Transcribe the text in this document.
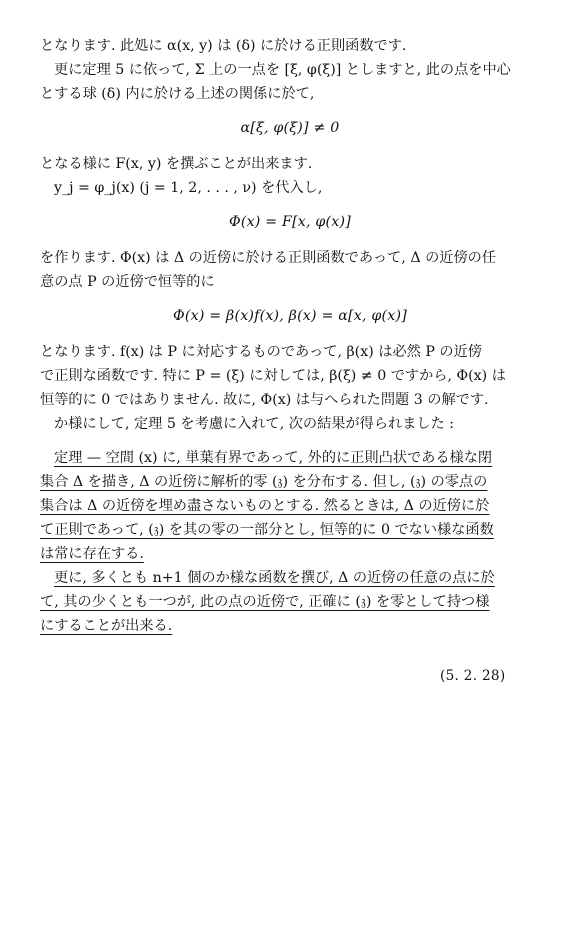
となります. 此処に α(x, y) は (δ) に於ける正則函数です.
更に定理 5 に依って, Σ 上の一点を [ξ, φ(ξ)] としますと, 此の点を中心
とする球 (δ) 内に於ける上述の関係に於て,
α[ξ, φ(ξ)] ≠ 0
となる様に F(x, y) を撰ぶことが出来ます.
y_j = φ_j(x) (j = 1, 2, . . . , ν) を代入し,
Φ(x) = F[x, φ(x)]
を作ります. Φ(x) は Δ の近傍に於ける正則函数であって, Δ の近傍の任
意の点 P の近傍で恒等的に
Φ(x) = β(x)f(x), β(x) = α[x, φ(x)]
となります. f(x) は P に対応するものであって, β(x) は必然 P の近傍
で正則な函数です. 特に P = (ξ) に対しては, β(ξ) ≠ 0 ですから, Φ(x) は
恒等的に 0 ではありません. 故に, Φ(x) は与へられた問題 3 の解です.
か様にして, 定理 5 を考慮に入れて, 次の結果が得られました :
定理 — 空間 (x) に, 単葉有界であって, 外的に正則凸状である様な閉
集合 Δ を描き, Δ の近傍に解析的零 (𝔷) を分布する. 但し, (𝔷) の零点の
集合は Δ の近傍を埋め盡さないものとする. 然るときは, Δ の近傍に於
て正則であって, (𝔷) を其の零の一部分とし, 恒等的に 0 でない様な函数
は常に存在する.
更に, 多くとも n+1 個のか様な函数を撰び, Δ の近傍の任意の点に於
て, 其の少くとも一つが, 此の点の近傍で, 正確に (𝔷) を零として持つ様
にすることが出来る.
(5. 2. 28)
